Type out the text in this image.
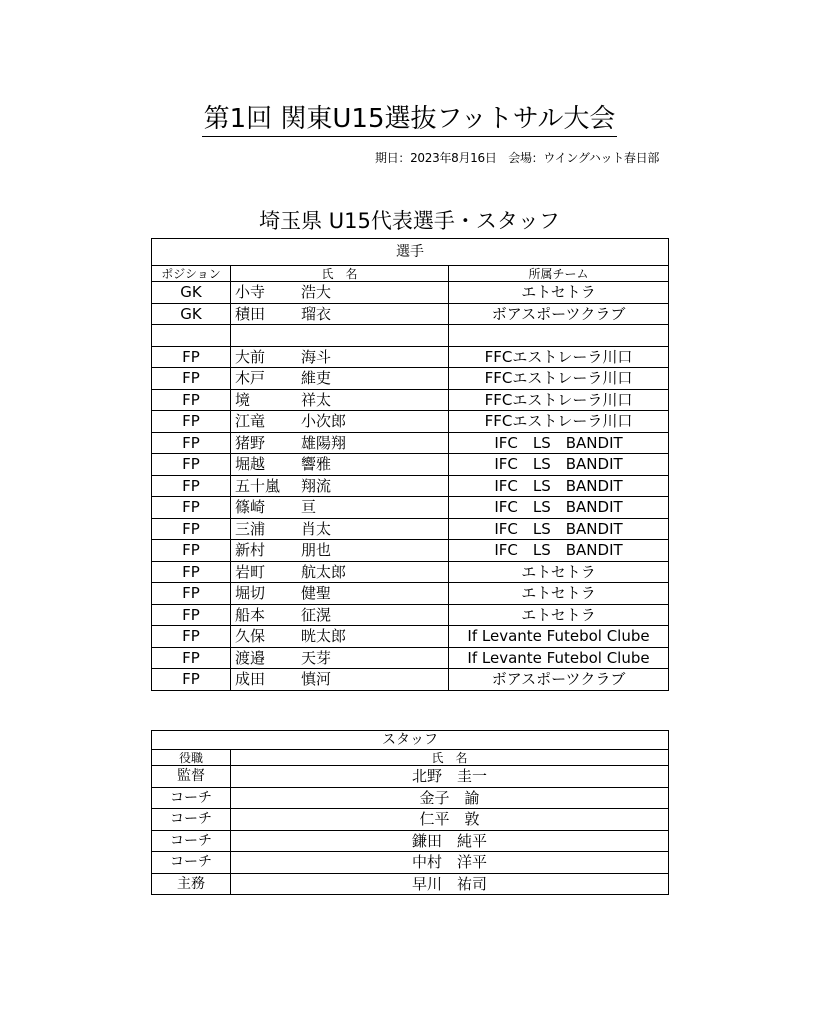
第1回 関東U15選抜フットサル大会
期日：2023年8月16日　会場：ウイングハット春日部
埼玉県 U15代表選手・スタッフ
選手		
ポジション	氏　名	所属チーム
GK	小寺 浩大	エトセトラ
GK	積田 瑠衣	ボアスポーツクラブ

FP	大前 海斗	FFCエストレーラ川口
FP	木戸 維吏	FFCエストレーラ川口
FP	境 祥太	FFCエストレーラ川口
FP	江竜 小次郎	FFCエストレーラ川口
FP	猪野 雄陽翔	IFC　LS　BANDIT
FP	堀越 響雅	IFC　LS　BANDIT
FP	五十嵐 翔流	IFC　LS　BANDIT
FP	篠崎 亘	IFC　LS　BANDIT
FP	三浦 肖太	IFC　LS　BANDIT
FP	新村 朋也	IFC　LS　BANDIT
FP	岩町 航太郎	エトセトラ
FP	堀切 健聖	エトセトラ
FP	船本 征滉	エトセトラ
FP	久保 晄太郎	If Levante Futebol Clube
FP	渡邉 天芽	If Levante Futebol Clube
FP	成田 慎河	ボアスポーツクラブ
スタッフ	
役職	氏　名
監督	北野　圭一
コーチ	金子　諭
コーチ	仁平　敦
コーチ	鎌田　純平
コーチ	中村　洋平
主務	早川　祐司
